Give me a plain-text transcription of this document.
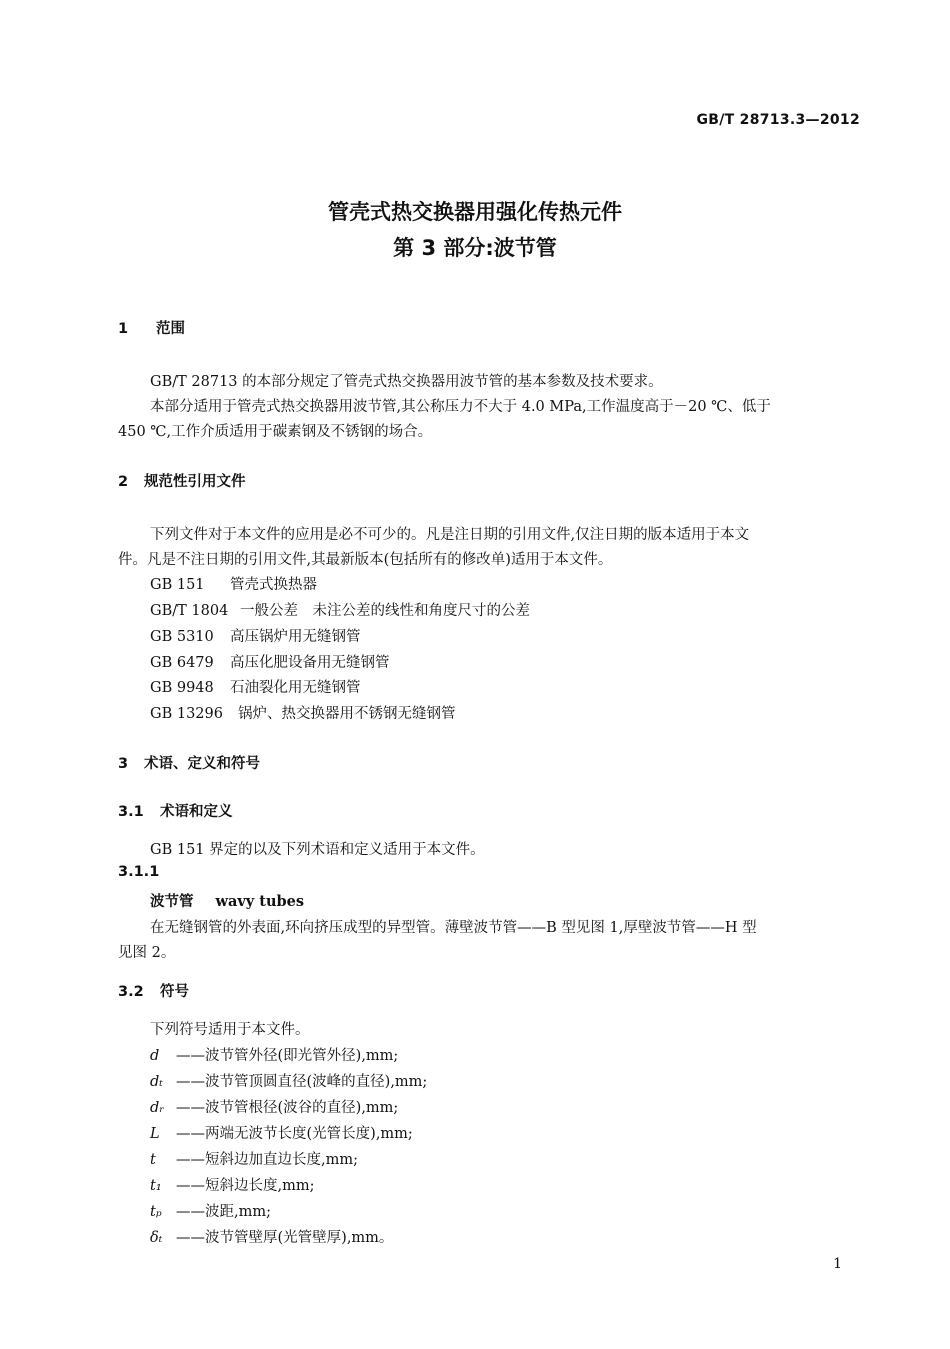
GB/T 28713.3—2012
管壳式热交换器用强化传热元件
第 3 部分:波节管
1 范围
GB/T 28713 的本部分规定了管壳式热交换器用波节管的基本参数及技术要求。
本部分适用于管壳式热交换器用波节管,其公称压力不大于 4.0 MPa,工作温度高于－20 ℃、低于
450 ℃,工作介质适用于碳素钢及不锈钢的场合。
2 规范性引用文件
下列文件对于本文件的应用是必不可少的。凡是注日期的引用文件,仅注日期的版本适用于本文
件。凡是不注日期的引用文件,其最新版本(包括所有的修改单)适用于本文件。
GB 151 管壳式换热器
GB/T 1804 一般公差　未注公差的线性和角度尺寸的公差
GB 5310 高压锅炉用无缝钢管
GB 6479 高压化肥设备用无缝钢管
GB 9948 石油裂化用无缝钢管
GB 13296 锅炉、热交换器用不锈钢无缝钢管
3 术语、定义和符号
3.1 术语和定义
GB 151 界定的以及下列术语和定义适用于本文件。
3.1.1
波节管 wavy tubes
在无缝钢管的外表面,环向挤压成型的异型管。薄壁波节管——B 型见图 1,厚壁波节管——H 型
见图 2。
3.2 符号
下列符号适用于本文件。
d ——波节管外径(即光管外径),mm;
dₜ ——波节管顶圆直径(波峰的直径),mm;
dᵣ ——波节管根径(波谷的直径),mm;
L ——两端无波节长度(光管长度),mm;
t ——短斜边加直边长度,mm;
t₁ ——短斜边长度,mm;
tₚ ——波距,mm;
δₜ ——波节管壁厚(光管壁厚),mm。
1
